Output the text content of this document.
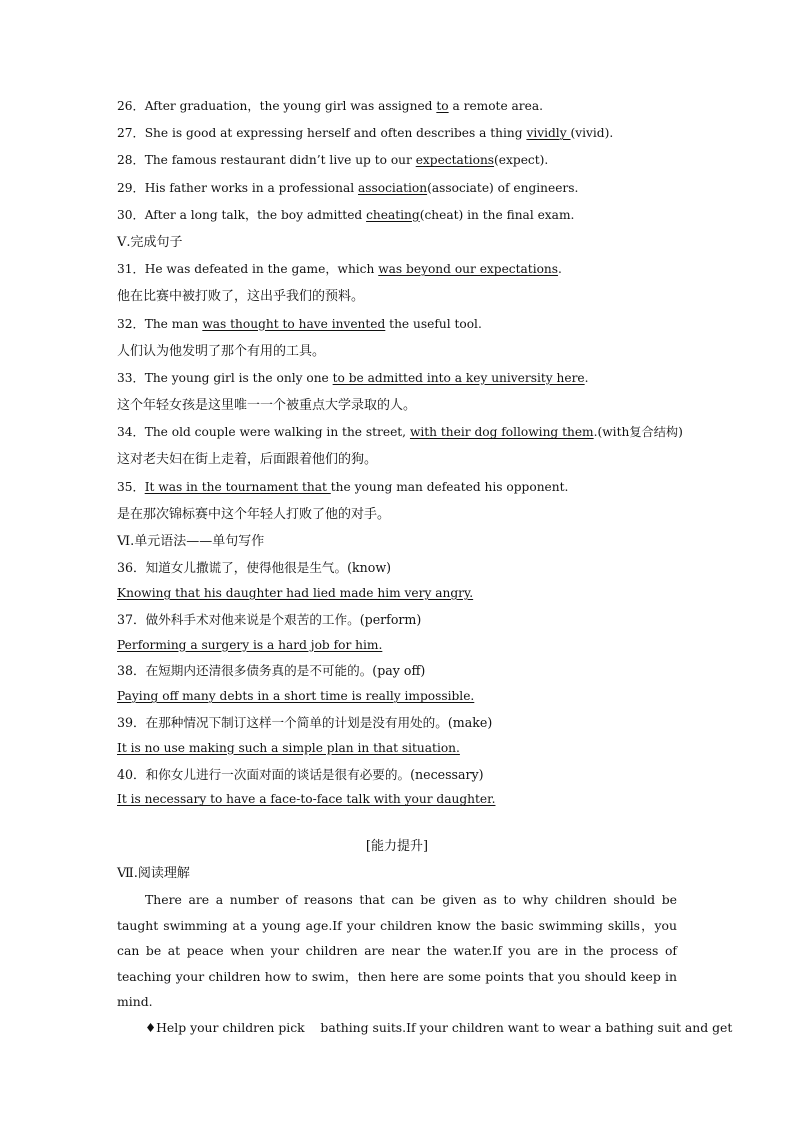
26．After graduation，the young girl was assigned to a remote area.
27．She is good at expressing herself and often describes a thing vividly (vivid).
28．The famous restaurant didn’t live up to our expectations(expect).
29．His father works in a professional association(associate) of engineers.
30．After a long talk，the boy admitted cheating(cheat) in the final exam.
Ⅴ.完成句子
31．He was defeated in the game，which was beyond our expectations.
他在比赛中被打败了，这出乎我们的预料。
32．The man was thought to have invented the useful tool.
人们认为他发明了那个有用的工具。
33．The young girl is the only one to be admitted into a key university here.
这个年轻女孩是这里唯一一个被重点大学录取的人。
34．The old couple were walking in the street, with their dog following them.(with复合结构)
这对老夫妇在街上走着，后面跟着他们的狗。
35．It was in the tournament that the young man defeated his opponent.
是在那次锦标赛中这个年轻人打败了他的对手。
Ⅵ.单元语法——单句写作
36．知道女儿撒谎了，使得他很是生气。(know)
Knowing that his daughter had lied made him very angry.
37．做外科手术对他来说是个艰苦的工作。(perform)
Performing a surgery is a hard job for him.
38．在短期内还清很多债务真的是不可能的。(pay off)
Paying off many debts in a short time is really impossible.
39．在那种情况下制订这样一个简单的计划是没有用处的。(make)
It is no use making such a simple plan in that situation.
40．和你女儿进行一次面对面的谈话是很有必要的。(necessary)
It is necessary to have a face-to-face talk with your daughter.
[能力提升]
Ⅶ.阅读理解
There are a number of reasons that can be given as to why children should be taught swimming at a young age.If your children know the basic swimming skills，you can be at peace when your children are near the water.If you are in the process of teaching your children how to swim，then here are some points that you should keep in mind.
♦Help your children pick    bathing suits.If your children want to wear a bathing suit and get
